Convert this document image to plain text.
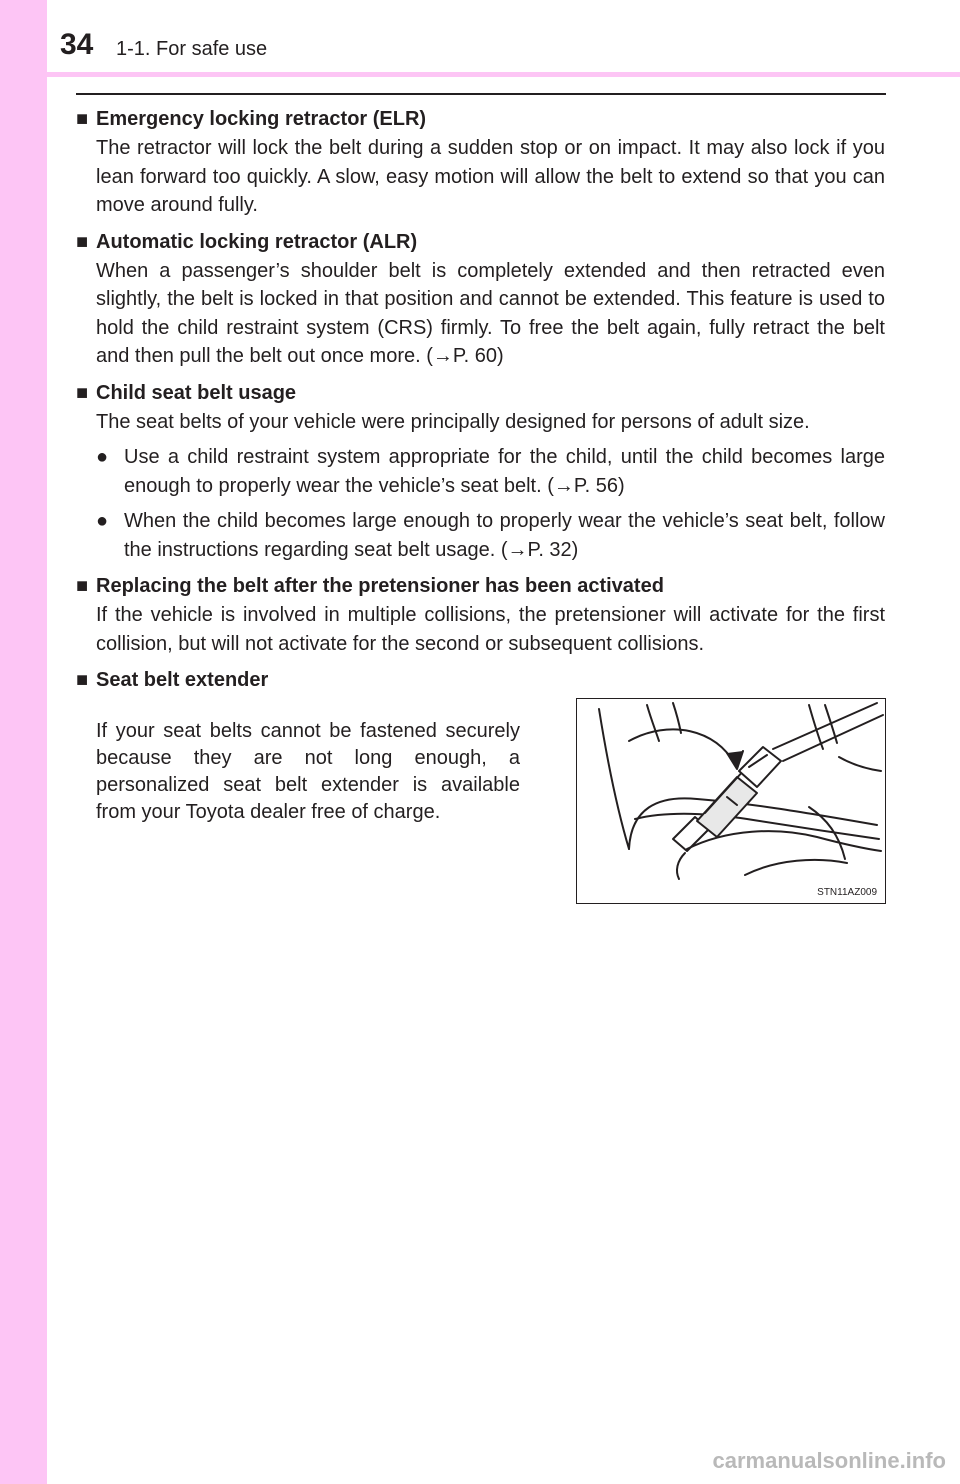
34 1-1. For safe use

■ Emergency locking retractor (ELR)

The retractor will lock the belt during a sudden stop or on impact. It may also lock if you lean forward too quickly. A slow, easy motion will allow the belt to extend so that you can move around fully.

■ Automatic locking retractor (ALR)

When a passenger’s shoulder belt is completely extended and then retracted even slightly, the belt is locked in that position and cannot be extended. This feature is used to hold the child restraint system (CRS) firmly. To free the belt again, fully retract the belt and then pull the belt out once more. (→P. 60)

■ Child seat belt usage

The seat belts of your vehicle were principally designed for persons of adult size.

● Use a child restraint system appropriate for the child, until the child becomes large enough to properly wear the vehicle’s seat belt. (→P. 56)
● When the child becomes large enough to properly wear the vehicle’s seat belt, follow the instructions regarding seat belt usage. (→P. 32)

■ Replacing the belt after the pretensioner has been activated

If the vehicle is involved in multiple collisions, the pretensioner will activate for the first collision, but will not activate for the second or subsequent collisions.

■ Seat belt extender

If your seat belts cannot be fastened securely because they are not long enough, a personalized seat belt extender is available from your Toyota dealer free of charge.

STN11AZ009
carmanualsonline.info
